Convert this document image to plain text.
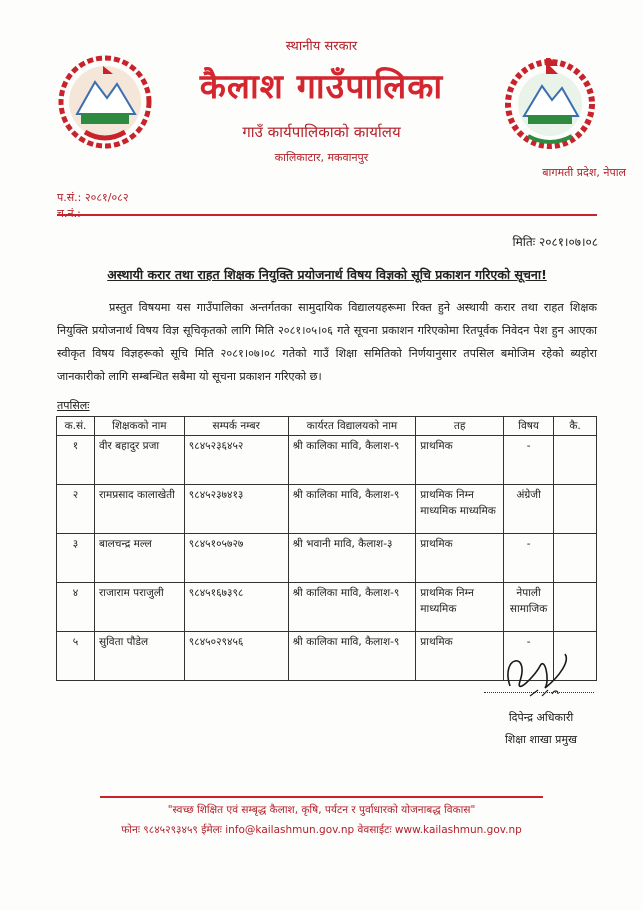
स्थानीय सरकार
कैलाश गाउँपालिका
गाउँ कार्यपालिकाको कार्यालय
कालिकाटार, मकवानपुर
बागमती प्रदेश, नेपाल
प.सं.: २०८१/०८२
मितिः २०८१।०७।०८
अस्थायी करार तथा राहत शिक्षक नियुक्ति प्रयोजनार्थ विषय विज्ञको सूचि प्रकाशन गरिएको सूचना!
प्रस्तुत विषयमा यस गाउँपालिका अन्तर्गतका सामुदायिक विद्यालयहरूमा रिक्त हुने अस्थायी करार तथा राहत शिक्षक नियुक्ति प्रयोजनार्थ विषय विज्ञ सूचिकृतको लागि मिति २०८१।०५।०६ गते सूचना प्रकाशन गरिएकोमा रितपूर्वक निवेदन पेश हुन आएका स्वीकृत विषय विज्ञहरूको सूचि मिति २०८१।०७।०८ गतेको गाउँ शिक्षा समितिको निर्णयानुसार तपसिल बमोजिम रहेको ब्यहोरा जानकारीको लागि सम्बन्धित सबैमा यो सूचना प्रकाशन गरिएको छ।
तपसिलः
क.सं.	शिक्षकको नाम	सम्पर्क नम्बर	कार्यरत विद्यालयको नाम	तह	विषय	कै.
१	वीर बहादुर प्रजा	९८४५२३६४५२	श्री कालिका मावि, कैलाश-९	प्राथमिक	-	
२	रामप्रसाद कालाखेती	९८४५२३७४१३	श्री कालिका मावि, कैलाश-९	प्राथमिक निम्न माध्यमिक माध्यमिक	अंग्रेजी	
३	बालचन्द्र मल्ल	९८४५१०५७२७	श्री भवानी मावि, कैलाश-३	प्राथमिक	-	
४	राजाराम पराजुली	९८४५१६७३९८	श्री कालिका मावि, कैलाश-९	प्राथमिक निम्न माध्यमिक	नेपाली सामाजिक	
५	सुविता पौडेल	९८४५०२९४५६	श्री कालिका मावि, कैलाश-९	प्राथमिक	-	
दिपेन्द्र अधिकारी
शिक्षा शाखा प्रमुख
"स्वच्छ शिक्षित एवं सम्बृद्ध कैलाश, कृषि, पर्यटन र पुर्वाधारको योजनाबद्ध विकास"
फोनः ९८४५२९३४५९ ईमेलः info@kailashmun.gov.np वेवसाईटः www.kailashmun.gov.np
